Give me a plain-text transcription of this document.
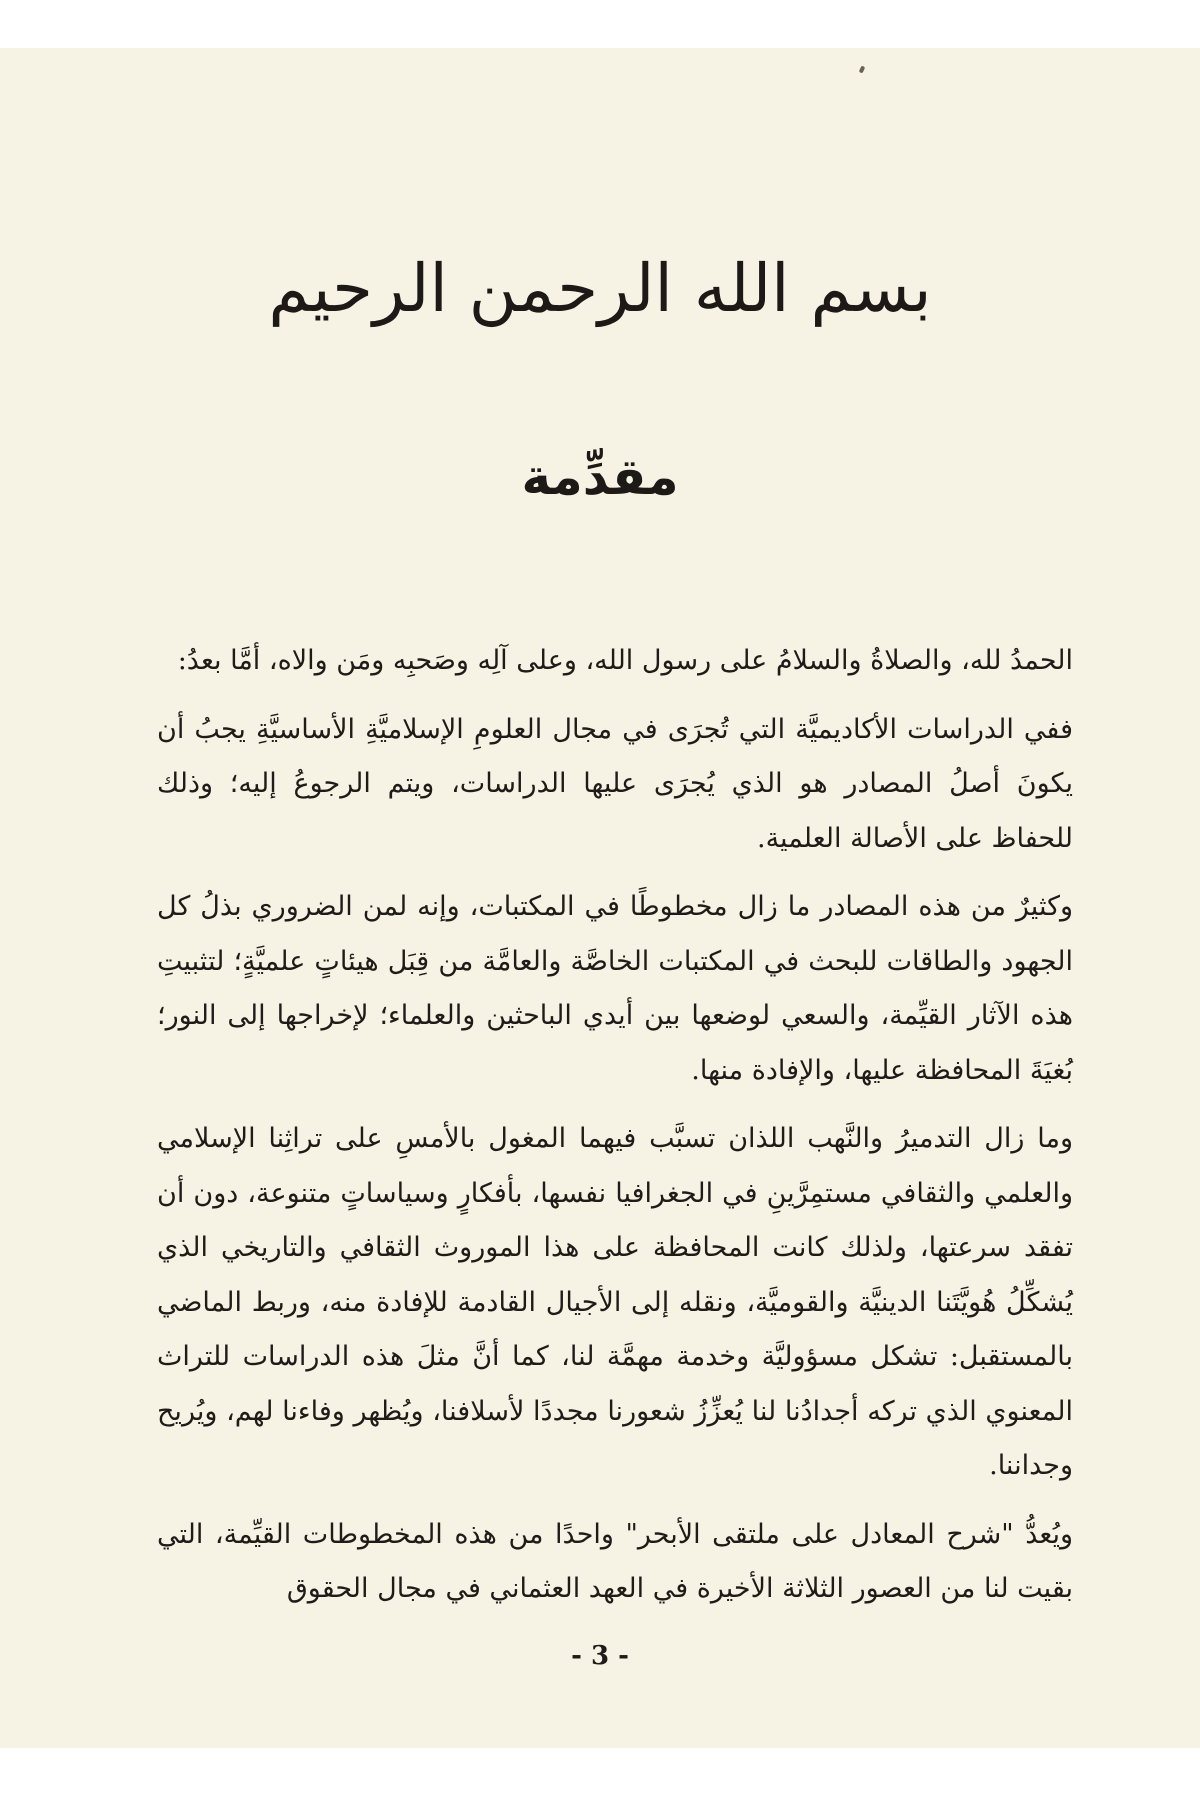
بسم الله الرحمن الرحيم
مقدِّمة

الحمدُ لله، والصلاةُ والسلامُ على رسول الله، وعلى آلِه وصَحبِه ومَن والاه، أمَّا بعدُ:

ففي الدراسات الأكاديميَّة التي تُجرَى في مجال العلومِ الإسلاميَّةِ الأساسيَّةِ يجبُ أن يكونَ أصلُ المصادر هو الذي يُجرَى عليها الدراسات، ويتم الرجوعُ إليه؛ وذلك للحفاظ على الأصالة العلمية.

وكثيرٌ من هذه المصادر ما زال مخطوطًا في المكتبات، وإنه لمن الضروري بذلُ كل الجهود والطاقات للبحث في المكتبات الخاصَّة والعامَّة من قِبَل هيئاتٍ علميَّةٍ؛ لتثبيتِ هذه الآثار القيِّمة، والسعي لوضعها بين أيدي الباحثين والعلماء؛ لإخراجها إلى النور؛ بُغيَةَ المحافظة عليها، والإفادة منها.

وما زال التدميرُ والنَّهب اللذان تسبَّب فيهما المغول بالأمسِ على تراثِنا الإسلامي والعلمي والثقافي مستمِرَّينِ في الجغرافيا نفسها، بأفكارٍ وسياساتٍ متنوعة، دون أن تفقد سرعتها، ولذلك كانت المحافظة على هذا الموروث الثقافي والتاريخي الذي يُشكِّلُ هُويَّتَنا الدينيَّة والقوميَّة، ونقله إلى الأجيال القادمة للإفادة منه، وربط الماضي بالمستقبل: تشكل مسؤوليَّة وخدمة مهمَّة لنا، كما أنَّ مثلَ هذه الدراسات للتراث المعنوي الذي تركه أجدادُنا لنا يُعزِّزُ شعورنا مجددًا لأسلافنا، ويُظهر وفاءنا لهم، ويُريح وجداننا.

ويُعدُّ "شرح المعادل على ملتقى الأبحر" واحدًا من هذه المخطوطات القيِّمة، التي بقيت لنا من العصور الثلاثة الأخيرة في العهد العثماني في مجال الحقوق

- 3 -
